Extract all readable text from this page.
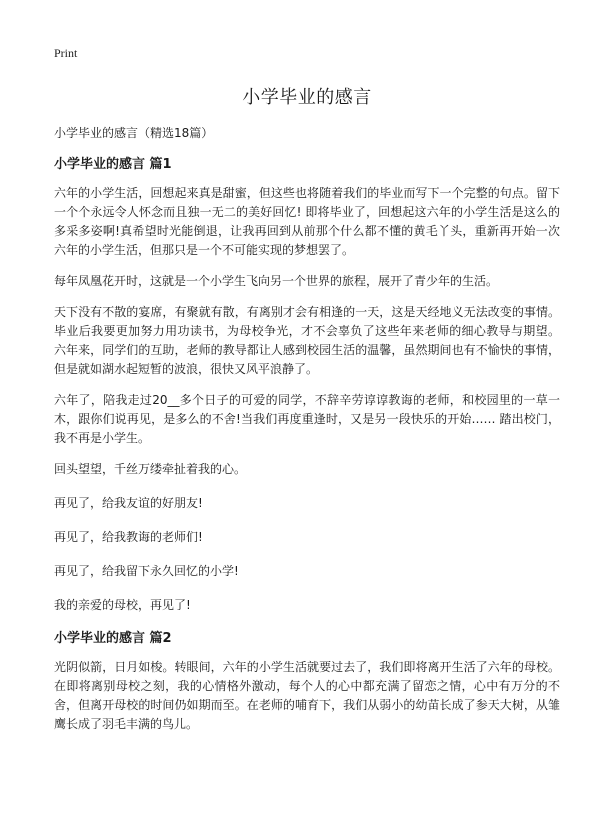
Print
小学毕业的感言
小学毕业的感言（精选18篇）
小学毕业的感言 篇1

六年的小学生活，回想起来真是甜蜜，但这些也将随着我们的毕业而写下一个完整的句点。留下一个个永远令人怀念而且独一无二的美好回忆! 即将毕业了，回想起这六年的小学生活是这么的多采多姿啊!真希望时光能倒退，让我再回到从前那个什么都不懂的黄毛丫头，重新再开始一次六年的小学生活，但那只是一个不可能实现的梦想罢了。

每年凤凰花开时，这就是一个小学生飞向另一个世界的旅程，展开了青少年的生活。

天下没有不散的宴席，有聚就有散，有离别才会有相逢的一天，这是天经地义无法改变的事情。毕业后我要更加努力用功读书，为母校争光，才不会辜负了这些年来老师的细心教导与期望。 六年来，同学们的互助，老师的教导都让人感到校园生活的温馨，虽然期间也有不愉快的事情，但是就如湖水起短暂的波浪，很快又风平浪静了。

六年了，陪我走过20__多个日子的可爱的同学，不辞辛劳谆谆教诲的老师，和校园里的一草一木，跟你们说再见，是多么的不舍!当我们再度重逢时，又是另一段快乐的开始…… 踏出校门，我不再是小学生。

回头望望，千丝万缕牵扯着我的心。

再见了，给我友谊的好朋友!

再见了，给我教诲的老师们!

再见了，给我留下永久回忆的小学!

我的亲爱的母校，再见了!

小学毕业的感言 篇2

光阴似箭，日月如梭。转眼间，六年的小学生活就要过去了，我们即将离开生活了六年的母校。在即将离别母校之刻，我的心情格外激动，每个人的心中都充满了留恋之情，心中有万分的不舍，但离开母校的时间仍如期而至。在老师的哺育下，我们从弱小的幼苗长成了参天大树，从雏鹰长成了羽毛丰满的鸟儿。
